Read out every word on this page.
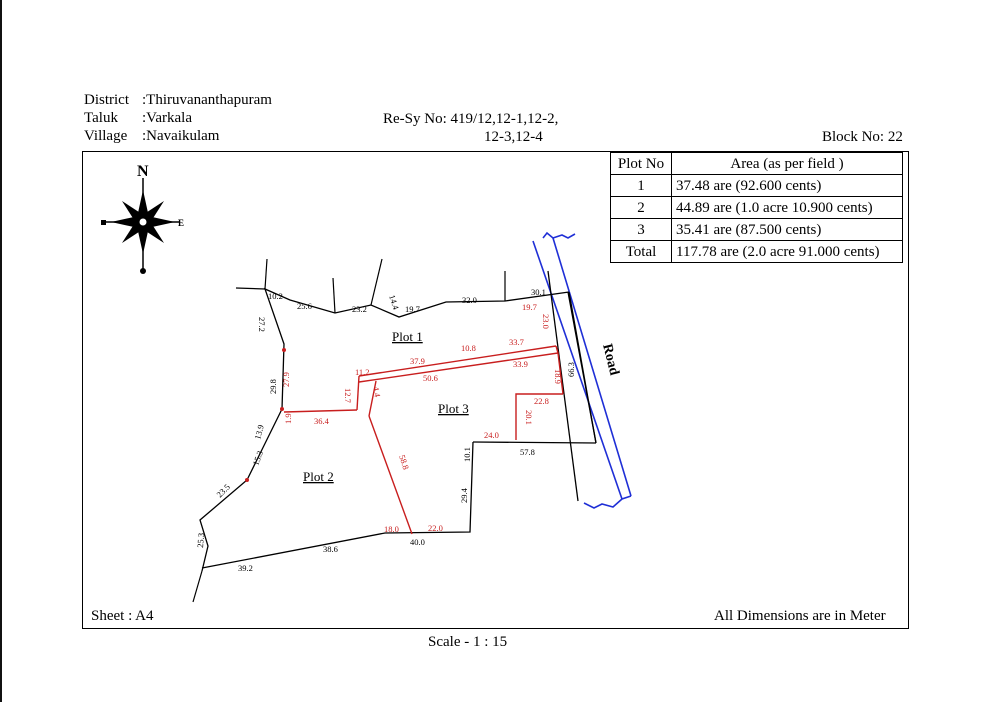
District :Thiruvananthapuram
Taluk :Varkala
Village :Navaikulam
Re-Sy No: 419/12,12-1,12-2,
12-3,12-4	Block No: 22
N
E
Road
Plot 1
Plot 3
Plot 2
10.2
25.6	23.2 14.4 19.7
32.0
30.1
27.2
29.8
13.9
15.3
23.5
25.3
39.2
38.6
40.0
29.4
10.1	57.8
66.3
27.9
1.9 36.4
11.2
12.7
37.9
10.8
33.7
50.6
33.9
19.7
23.0
18.9
4.4
58.8
22.8
20.1
24.0
18.0	22.0
Plot No	Area (as per field )
1	37.48 are (92.600 cents)
2	44.89 are (1.0 acre 10.900 cents)
3	35.41 are (87.500 cents)
Total	117.78 are (2.0 acre 91.000 cents)
Sheet : A4	All Dimensions are in Meter
Scale - 1 : 15
